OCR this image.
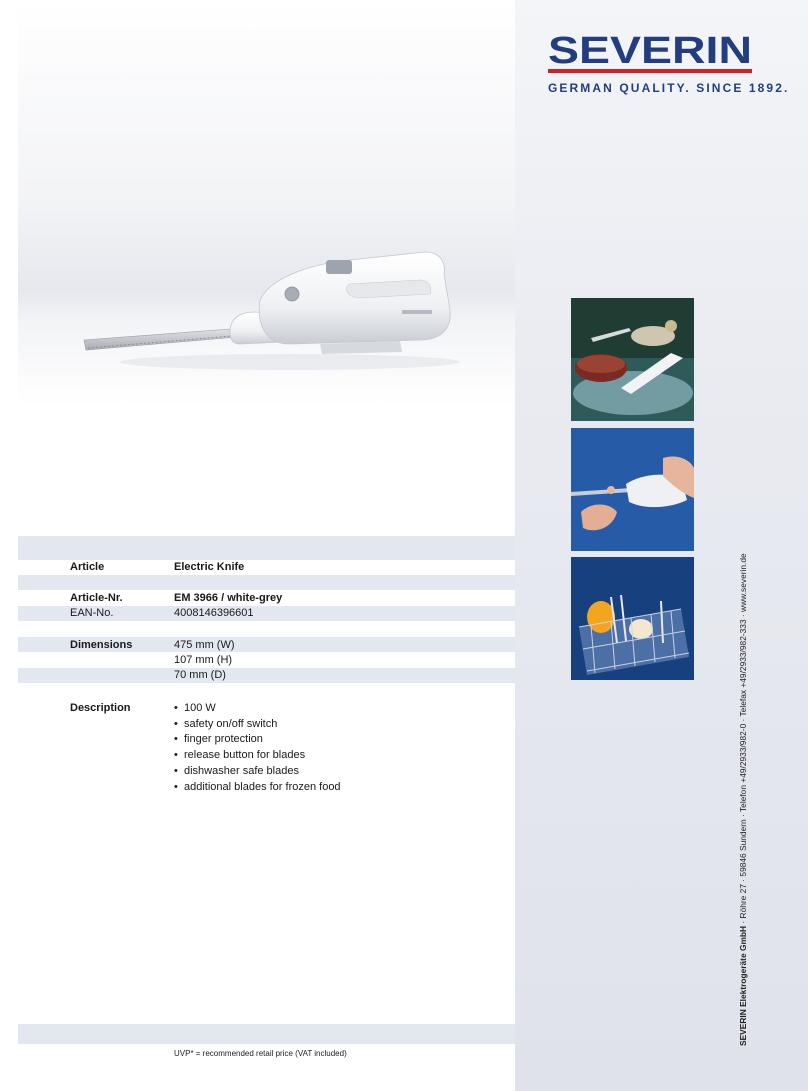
SEVERIN
GERMAN QUALITY. SINCE 1892.
SEVERIN Elektrogeräte GmbH · Röhre 27 · 59846 Sundern · Telefon +49/2933/982-0 · Telefax +49/2933/982-333 · www.severin.de
Article	Electric Knife
Article-Nr.	EM 3966 / white-grey
EAN-No.	4008146396601
Dimensions	475 mm (W)
107 mm (H)
70 mm (D)
Description
•	100 W
• safety on/off switch
• finger protection
• release button for blades
• dishwasher safe blades
• additional blades for frozen food
UVP* = recommended retail price (VAT included)
